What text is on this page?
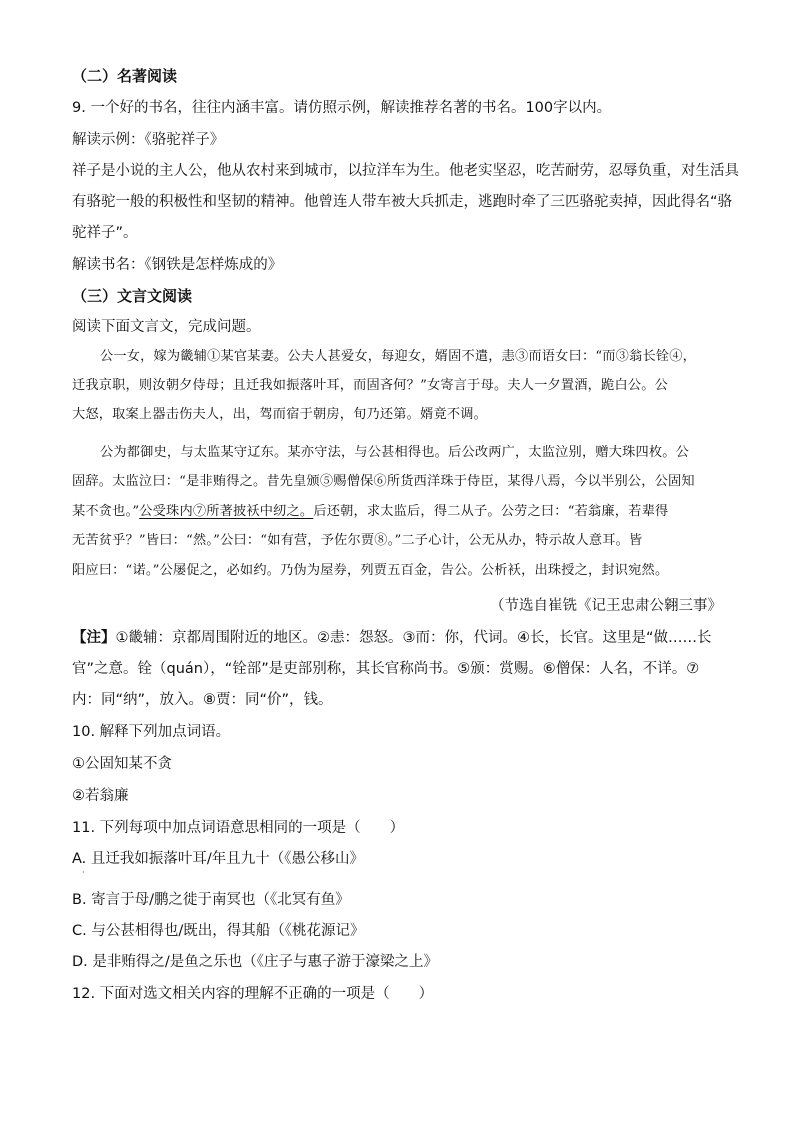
（二）名著阅读
9. 一个好的书名，往往内涵丰富。请仿照示例，解读推荐名著的书名。100字以内。
解读示例：《骆驼祥子》
祥子是小说的主人公，他从农村来到城市，以拉洋车为生。他老实坚忍，吃苦耐劳，忍辱负重，对生活具
有骆驼一般的积极性和坚韧的精神。他曾连人带车被大兵抓走，逃跑时牵了三匹骆驼卖掉，因此得名“骆
驼祥子”。
解读书名：《钢铁是怎样炼成的》
（三）文言文阅读
阅读下面文言文，完成问题。
公一女，嫁为畿辅①某官某妻。公夫人甚爱女，每迎女，婿固不遣，恚③而语女曰：“而③翁长铨④，
迁我京职，则汝朝夕侍母；且迁我如振落叶耳，而固吝何？”女寄言于母。夫人一夕置酒，跪白公。公
大怒，取案上器击伤夫人，出，驾而宿于朝房，旬乃还第。婿竟不调。
公为都御史，与太监某守辽东。某亦守法，与公甚相得也。后公改两广，太监泣别，赠大珠四枚。公
固辞。太监泣曰：“是非贿得之。昔先皇颁⑤赐僧保⑥所货西洋珠于侍臣，某得八焉，今以半别公，公固知
某不贪也。”公受珠内⑦所著披袄中纫之。后还朝，求太监后，得二从子。公劳之曰：“若翁廉，若辈得
无苦贫乎？”皆曰：“然。”公曰：“如有营，予佐尔贾⑧。”二子心计，公无从办，特示故人意耳。皆
阳应曰：“诺。”公屡促之，必如约。乃伪为屋券，列贾五百金，告公。公析袄，出珠授之，封识宛然。
（节选自崔铣《记王忠肃公翱三事》
【注】①畿辅：京都周围附近的地区。②恚：怨怒。③而：你，代词。④长，长官。这里是“做……长
官”之意。铨（quán），“铨部”是吏部别称，其长官称尚书。⑤颁：赏赐。⑥僧保：人名，不详。⑦
内：同“纳”，放入。⑧贾：同“价”，钱。
10. 解释下列加点词语。
①公固知某不贪
②若翁廉
11. 下列每项中加点词语意思相同的一项是（　　）
A. 且迁我如振落叶耳/年且九十（《愚公移山》
·
B. 寄言于母/鹏之徙于南冥也（《北冥有鱼》
C. 与公甚相得也/既出，得其船（《桃花源记》
D. 是非贿得之/是鱼之乐也（《庄子与惠子游于濠梁之上》
12. 下面对选文相关内容的理解不正确的一项是（　　）
